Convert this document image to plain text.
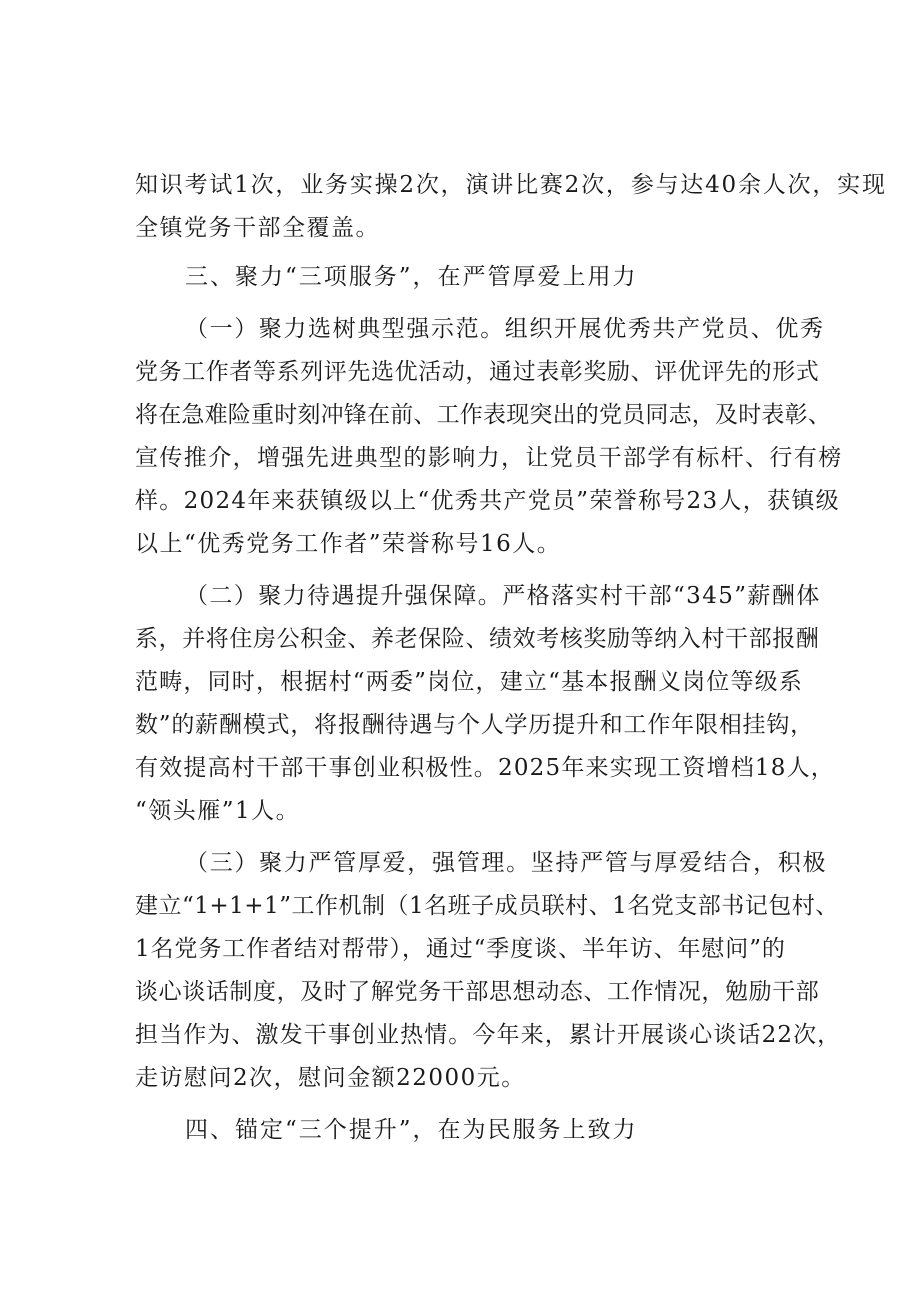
知识考试1次，业务实操2次，演讲比赛2次，参与达40余人次，实现
全镇党务干部全覆盖。
三、聚力“三项服务”，在严管厚爱上用力
（一）聚力选树典型强示范。组织开展优秀共产党员、优秀
党务工作者等系列评先选优活动，通过表彰奖励、评优评先的形式
将在急难险重时刻冲锋在前、工作表现突出的党员同志，及时表彰、
宣传推介，增强先进典型的影响力，让党员干部学有标杆、行有榜
样。2024年来获镇级以上“优秀共产党员”荣誉称号23人，获镇级
以上“优秀党务工作者”荣誉称号16人。
（二）聚力待遇提升强保障。严格落实村干部“345”薪酬体
系，并将住房公积金、养老保险、绩效考核奖励等纳入村干部报酬
范畴，同时，根据村“两委”岗位，建立“基本报酬义岗位等级系
数”的薪酬模式，将报酬待遇与个人学历提升和工作年限相挂钩，
有效提高村干部干事创业积极性。2025年来实现工资增档18人，
“领头雁”1人。
（三）聚力严管厚爱，强管理。坚持严管与厚爱结合，积极
建立“1+1+1”工作机制（1名班子成员联村、1名党支部书记包村、
1名党务工作者结对帮带），通过“季度谈、半年访、年慰问”的
谈心谈话制度，及时了解党务干部思想动态、工作情况，勉励干部
担当作为、激发干事创业热情。今年来，累计开展谈心谈话22次，
走访慰问2次，慰问金额22000元。
四、锚定“三个提升”，在为民服务上致力
